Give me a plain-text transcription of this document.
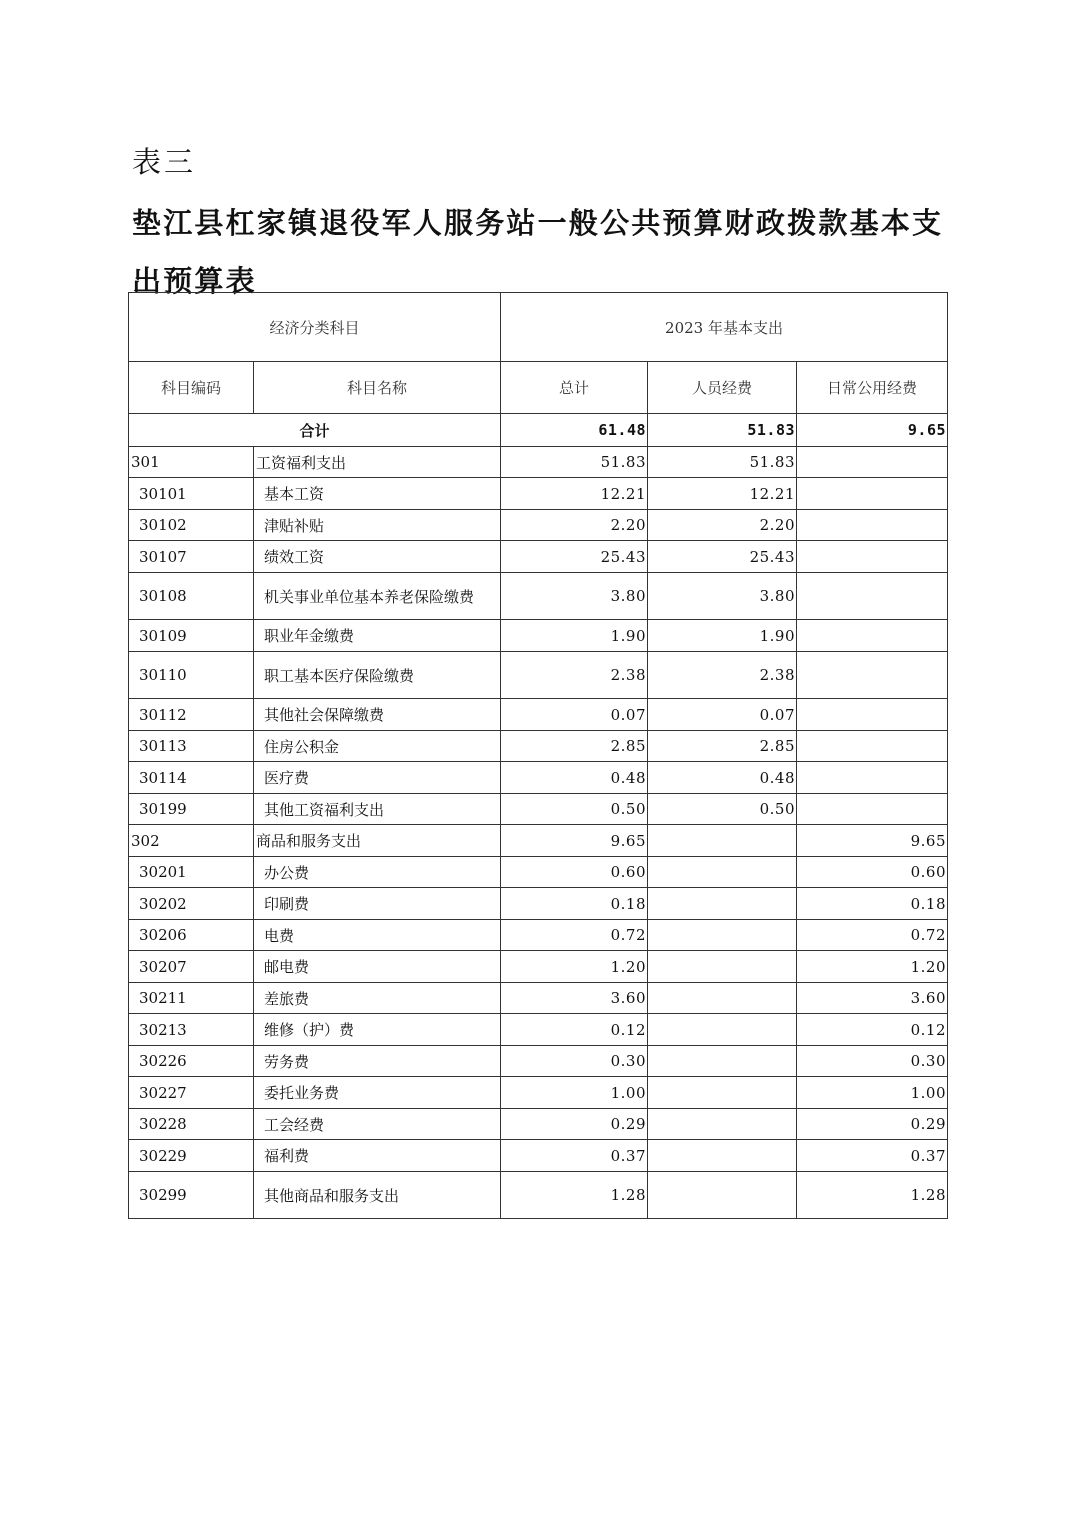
表三
垫江县杠家镇退役军人服务站一般公共预算财政拨款基本支出预算表
经济分类科目		2023 年基本支出		
科目编码	科目名称	总计	人员经费	日常公用经费
合计		61.48	51.83	9.65
301	工资福利支出	51.83	51.83	
30101	基本工资	12.21	12.21	
30102	津贴补贴	2.20	2.20	
30107	绩效工资	25.43	25.43	
30108	机关事业单位基本养老保险缴费	3.80	3.80	
30109	职业年金缴费	1.90	1.90	
30110	职工基本医疗保险缴费	2.38	2.38	
30112	其他社会保障缴费	0.07	0.07	
30113	住房公积金	2.85	2.85	
30114	医疗费	0.48	0.48	
30199	其他工资福利支出	0.50	0.50	
302	商品和服务支出	9.65		9.65
30201	办公费	0.60		0.60
30202	印刷费	0.18		0.18
30206	电费	0.72		0.72
30207	邮电费	1.20		1.20
30211	差旅费	3.60		3.60
30213	维修（护）费	0.12		0.12
30226	劳务费	0.30		0.30
30227	委托业务费	1.00		1.00
30228	工会经费	0.29		0.29
30229	福利费	0.37		0.37
30299	其他商品和服务支出	1.28		1.28
